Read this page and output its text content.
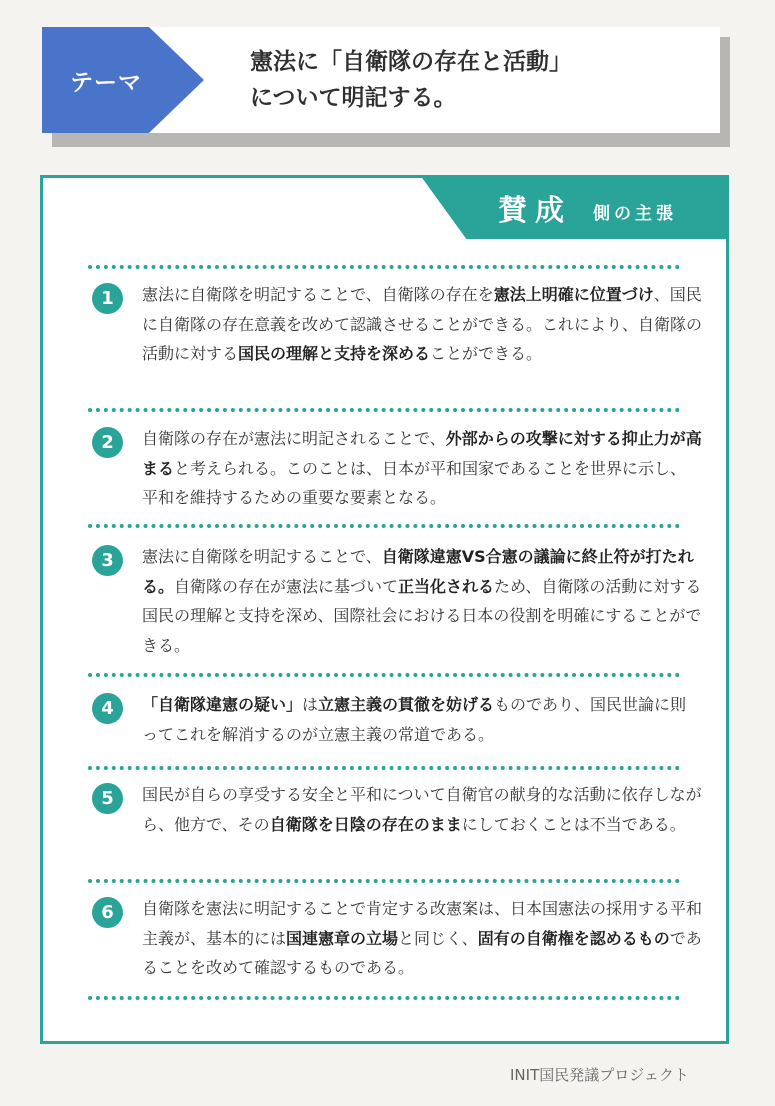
テーマ
憲法に「自衛隊の存在と活動」
について明記する。
賛成 側の主張
1	憲法に自衛隊を明記することで、自衛隊の存在を憲法上明確に位置づけ、国民に自衛隊の存在意義を改めて認識させることができる。これにより、自衛隊の活動に対する国民の理解と支持を深めることができる。
2	自衛隊の存在が憲法に明記されることで、外部からの攻撃に対する抑止力が高まると考えられる。このことは、日本が平和国家であることを世界に示し、平和を維持するための重要な要素となる。
3	憲法に自衛隊を明記することで、自衛隊違憲VS合憲の議論に終止符が打たれる。自衛隊の存在が憲法に基づいて正当化されるため、自衛隊の活動に対する国民の理解と支持を深め、国際社会における日本の役割を明確にすることができる。
4	「自衛隊違憲の疑い」は立憲主義の貫徹を妨げるものであり、国民世論に則ってこれを解消するのが立憲主義の常道である。
5	国民が自らの享受する安全と平和について自衛官の献身的な活動に依存しながら、他方で、その自衛隊を日陰の存在のままにしておくことは不当である。
6	自衛隊を憲法に明記することで肯定する改憲案は、日本国憲法の採用する平和主義が、基本的には国連憲章の立場と同じく、固有の自衛権を認めるものであることを改めて確認するものである。
INIT国民発議プロジェクト
